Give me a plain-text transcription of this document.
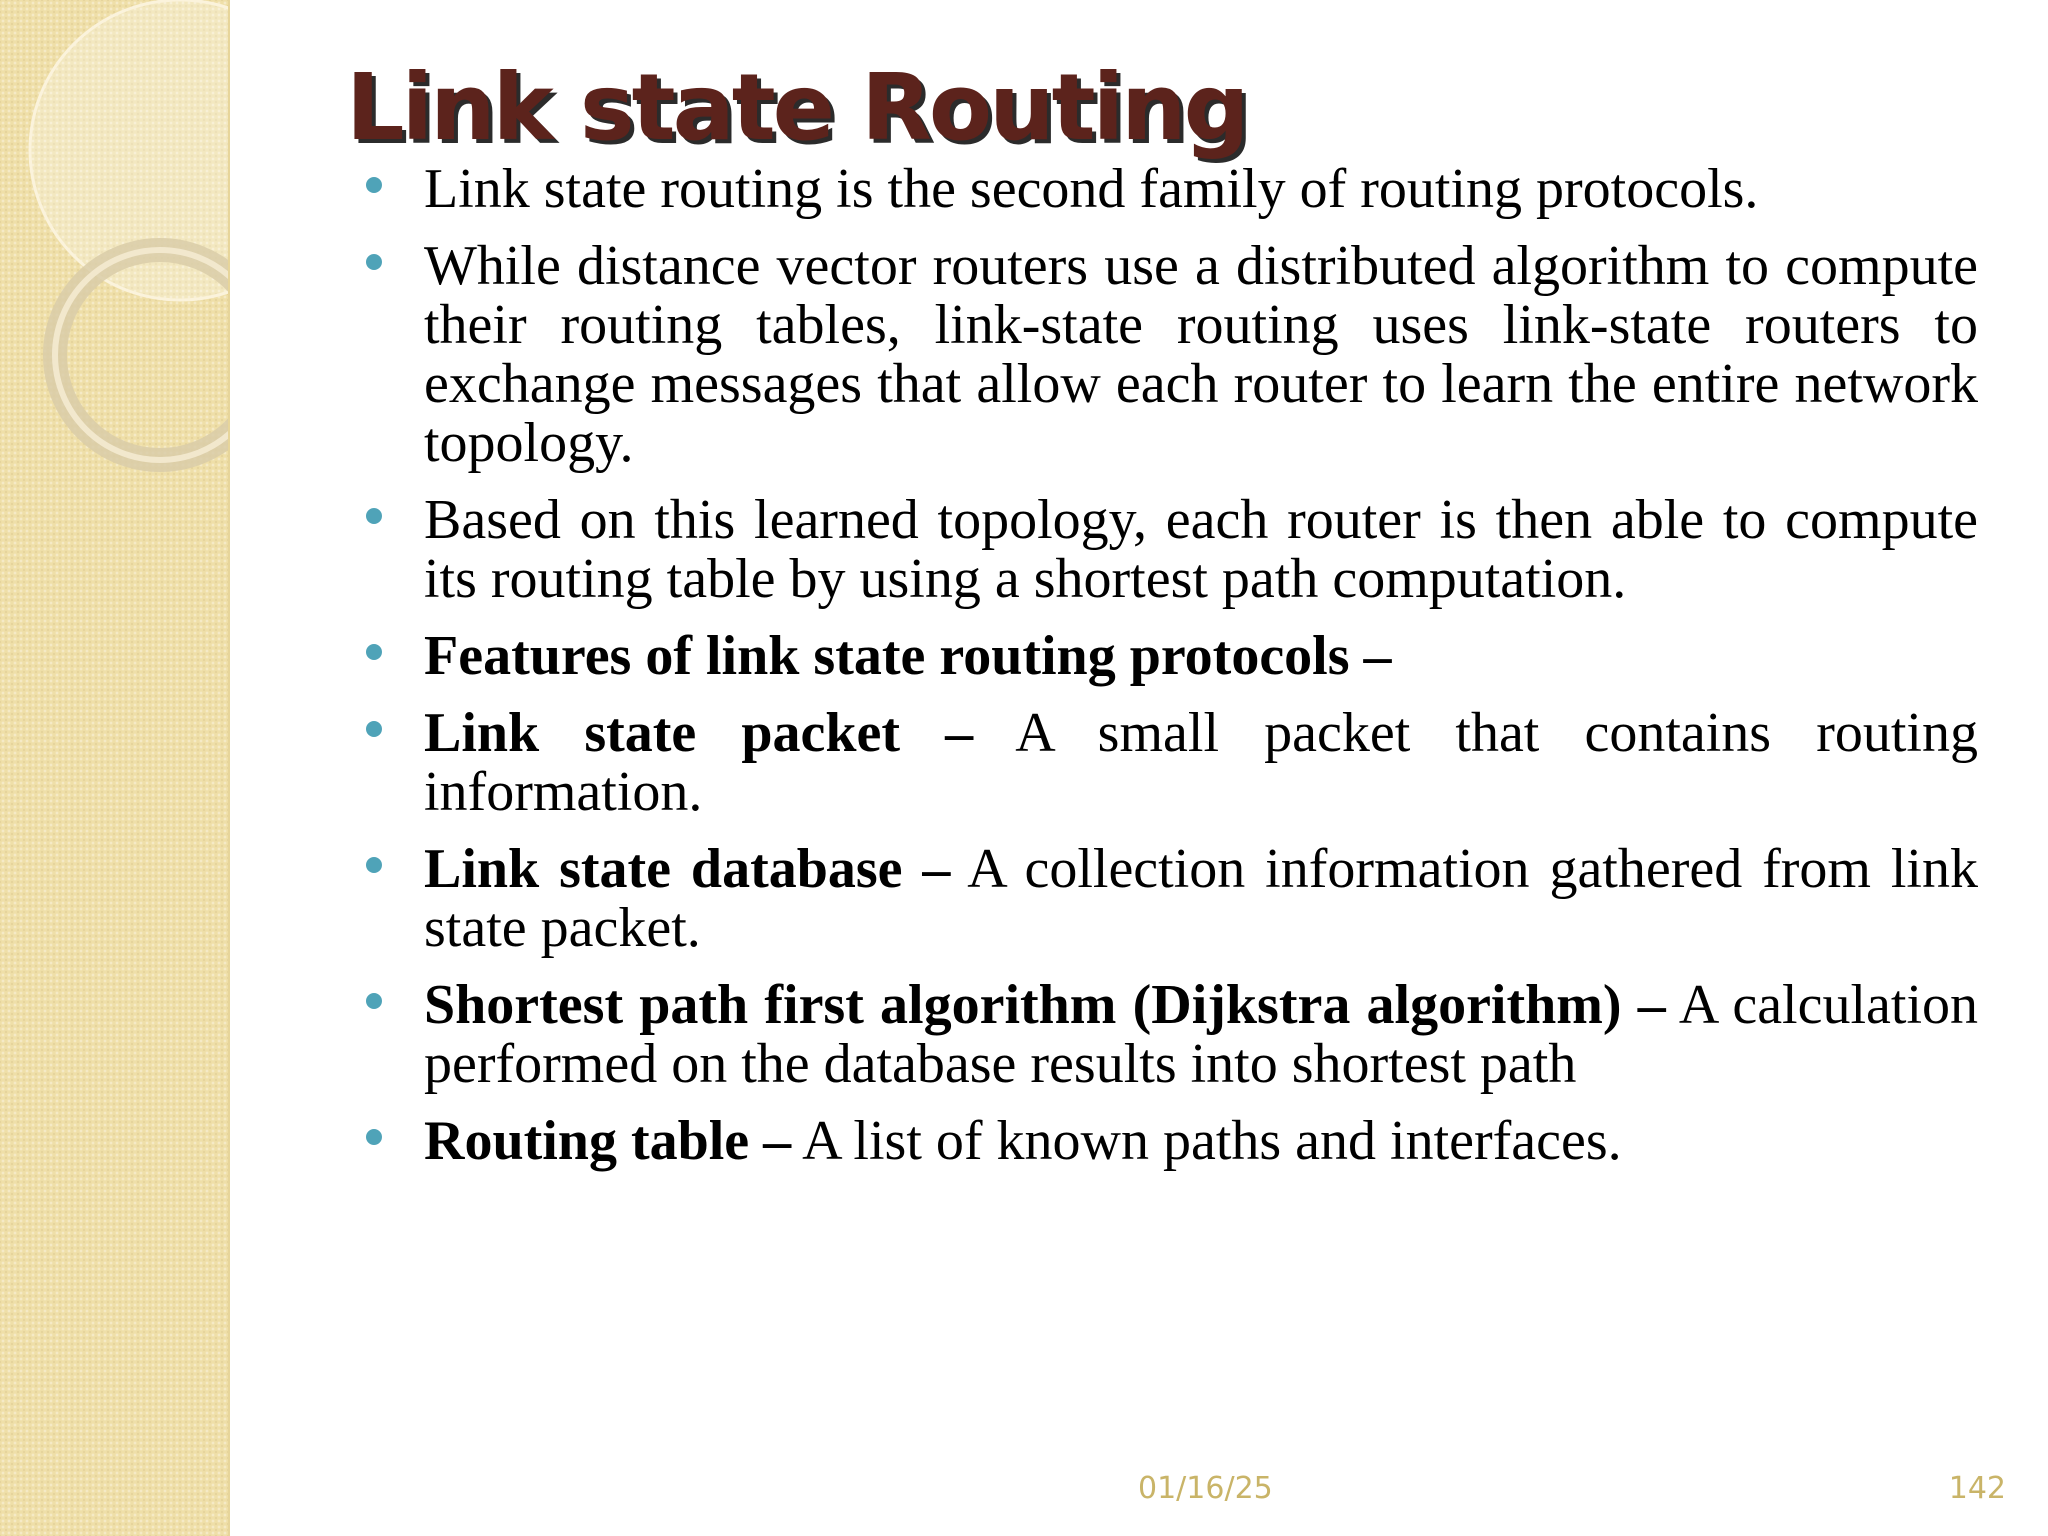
Link state Routing
Link state routing is the second family of routing protocols.
While distance vector routers use a distributed algorithm to compute their routing tables, link-state routing uses link-state routers to exchange messages that allow each router to learn the entire network topology.
Based on this learned topology, each router is then able to compute its routing table by using a shortest path computation.
Features of link state routing protocols –
Link state packet – A small packet that contains routing information.
Link state database – A collection information gathered from link state packet.
Shortest path first algorithm (Dijkstra algorithm) – A calculation performed on the database results into shortest path
Routing table – A list of known paths and interfaces.
01/16/25	142
